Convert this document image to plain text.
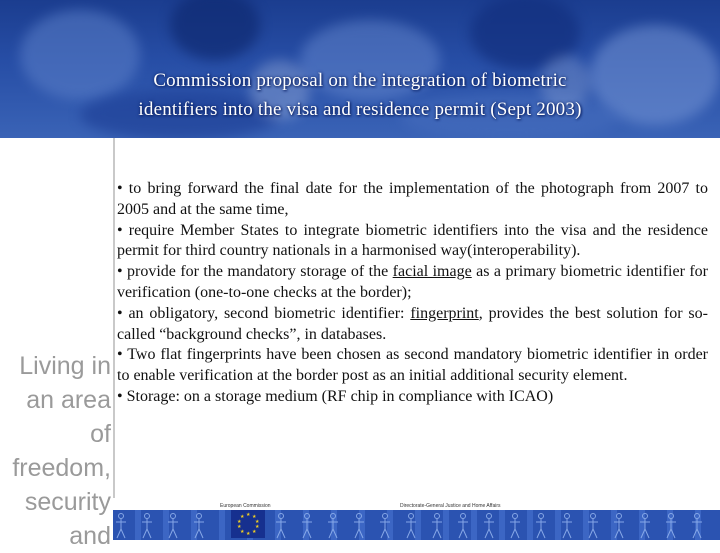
Commission proposal on the integration of biometric
identifiers into the visa and residence permit (Sept 2003)
Living in
an area
of
freedom,
security
and

• to bring forward the final date for the implementation of the photograph from 2007 to 2005 and at the same time,

• require Member States to integrate biometric identifiers into the visa and the residence permit for third country nationals in a harmonised way(interoperability).

• provide for the mandatory storage of the facial image as a primary biometric identifier for verification (one-to-one checks at the border);

• an obligatory, second biometric identifier: fingerprint, provides the best solution for so-called “background checks”, in databases.

• Two flat fingerprints have been chosen as second mandatory biometric identifier in order to enable verification at the border post as an initial additional security element.

• Storage: on a storage medium (RF chip in compliance with ICAO)

European Commission	Directorate-General Justice and Home Affairs
★ ★
★
★
★
★
★
★
★
★
